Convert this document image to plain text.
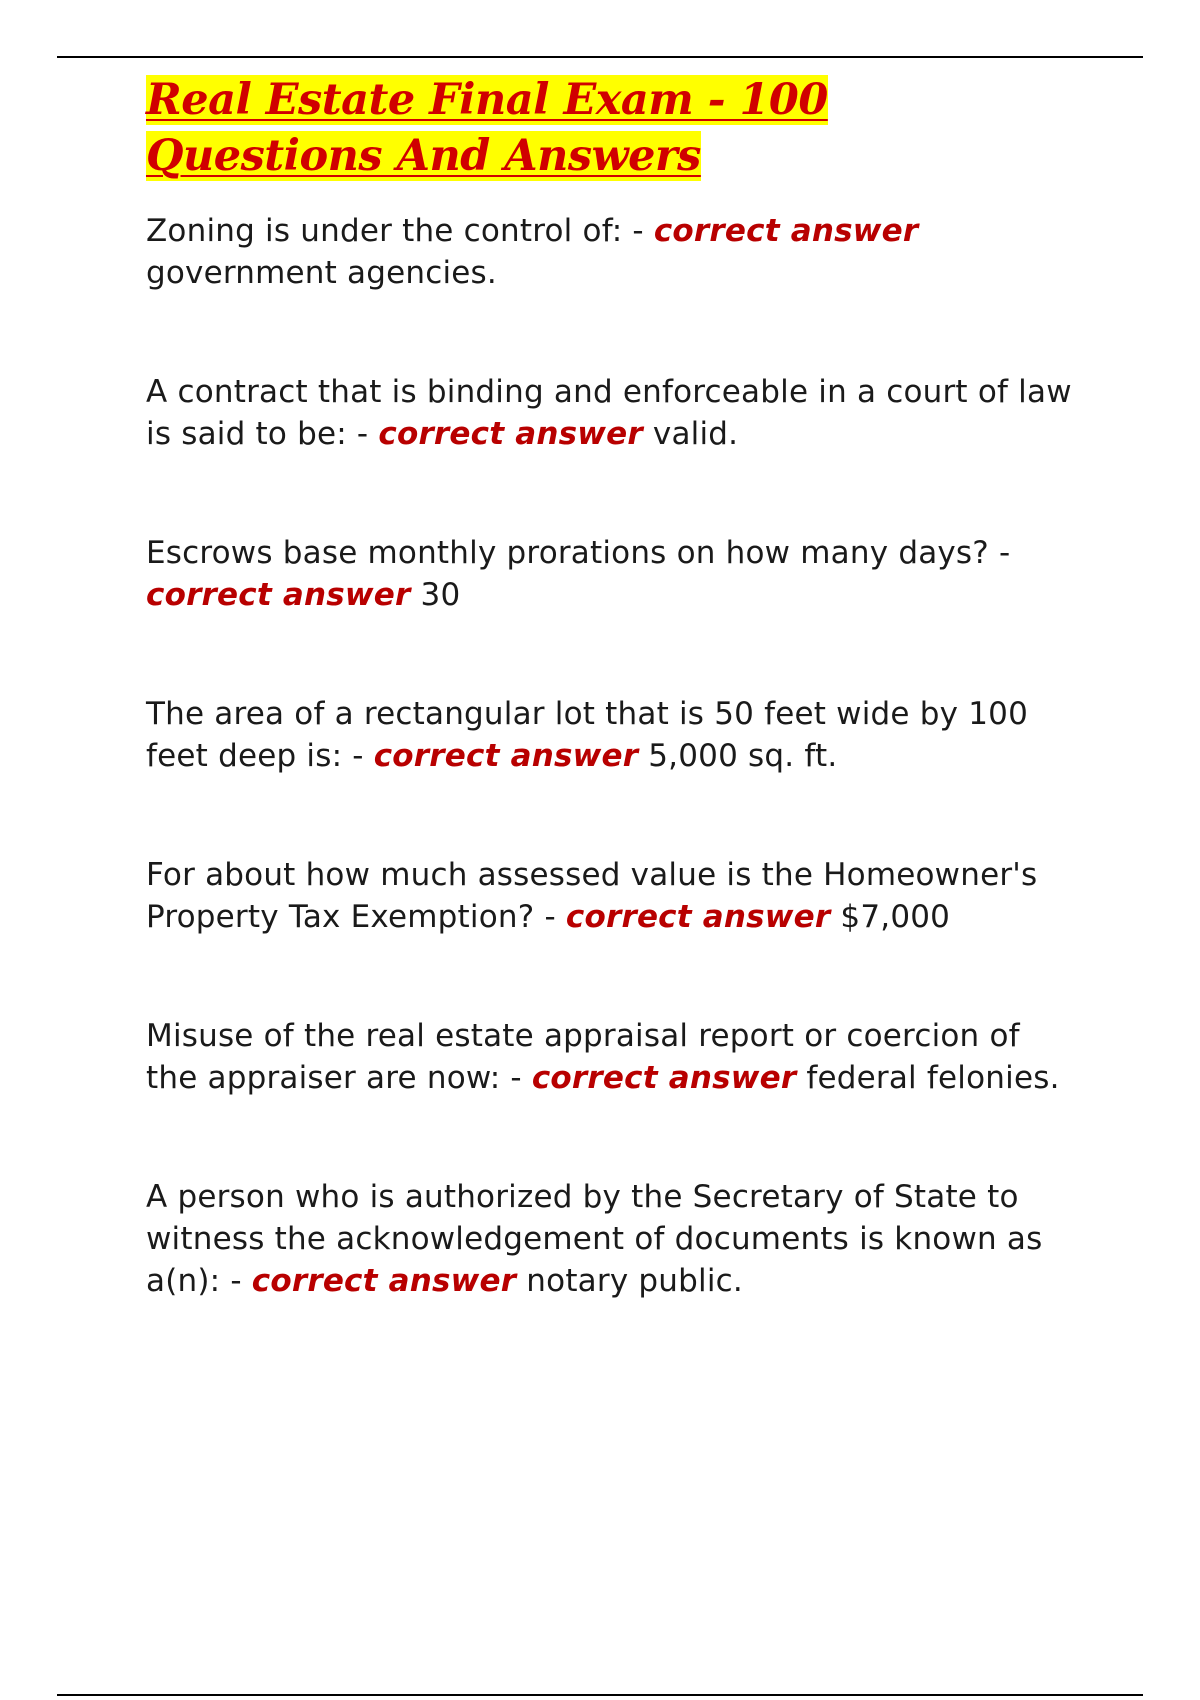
Real Estate Final Exam - 100 Questions And Answers

Zoning is under the control of: - correct answer government agencies.

A contract that is binding and enforceable in a court of law is said to be: - correct answer valid.

Escrows base monthly prorations on how many days? - correct answer 30

The area of a rectangular lot that is 50 feet wide by 100 feet deep is: - correct answer 5,000 sq. ft.

For about how much assessed value is the Homeowner's Property Tax Exemption? - correct answer $7,000

Misuse of the real estate appraisal report or coercion of the appraiser are now: - correct answer federal felonies.

A person who is authorized by the Secretary of State to witness the acknowledgement of documents is known as a(n): - correct answer notary public.
